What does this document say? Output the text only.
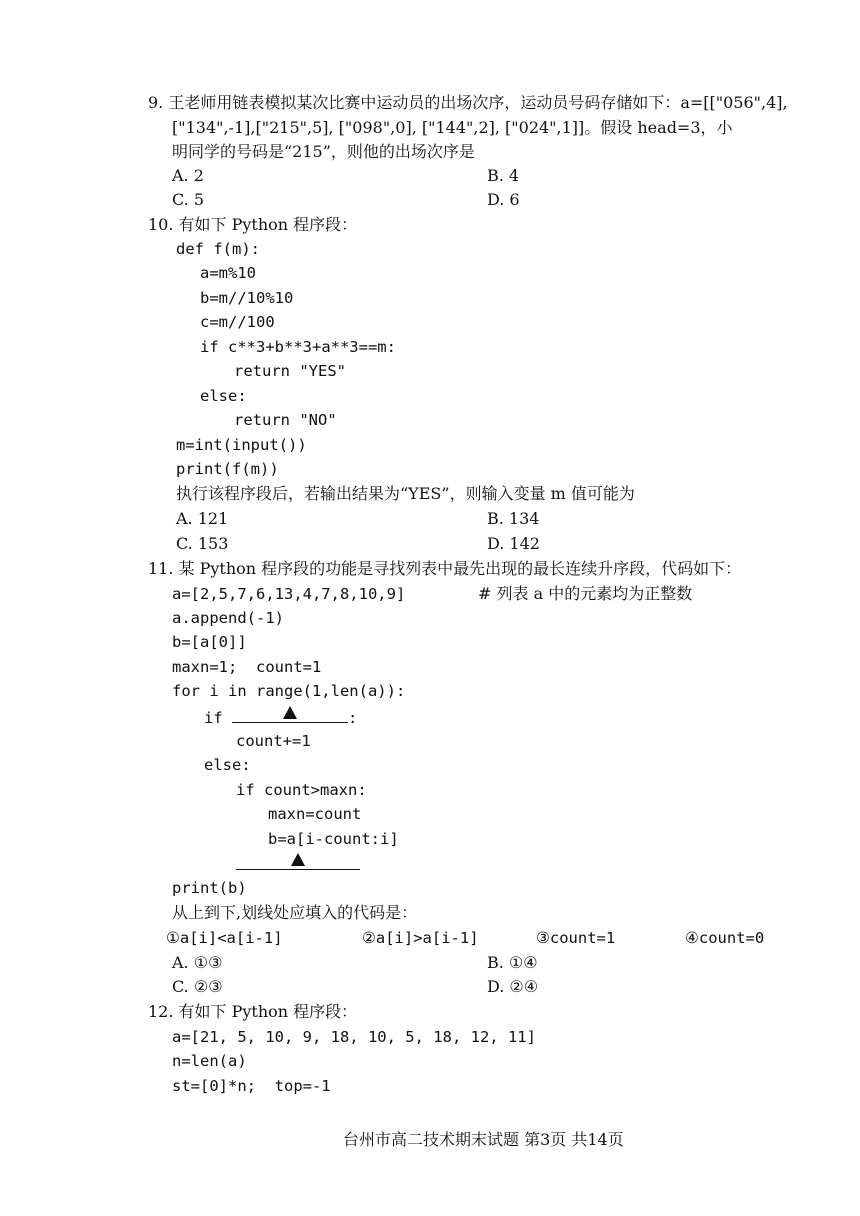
9. 王老师用链表模拟某次比赛中运动员的出场次序，运动员号码存储如下：a=[["056",4],
["134",-1],["215",5], ["098",0], ["144",2], ["024",1]]。假设 head=3，小
明同学的号码是“215”，则他的出场次序是
A. 2	B. 4
C. 5	D. 6
10. 有如下 Python 程序段：
def f(m):
a=m%10
b=m//10%10
c=m//100
if c**3+b**3+a**3==m:
return "YES"
else:
return "NO"
m=int(input())
print(f(m))
执行该程序段后，若输出结果为“YES”，则输入变量 m 值可能为
A. 121	B. 134
C. 153	D. 142
11. 某 Python 程序段的功能是寻找列表中最先出现的最长连续升序段，代码如下：
a=[2,5,7,6,13,4,7,8,10,9]	# 列表 a 中的元素均为正整数
a.append(-1)
b=[a[0]]
maxn=1;  count=1
for i in range(1,len(a)):
if	:
count+=1
else:
if count>maxn:
maxn=count
b=a[i-count:i]
print(b)
从上到下,划线处应填入的代码是：
①a[i]<a[i-1]	②a[i]>a[i-1]	③count=1	④count=0
A. ①③	B. ①④
C. ②③	D. ②④
12. 有如下 Python 程序段：
a=[21, 5, 10, 9, 18, 10, 5, 18, 12, 11]
n=len(a)
st=[0]*n;  top=-1
台州市高二技术期末试题 第3页 共14页
